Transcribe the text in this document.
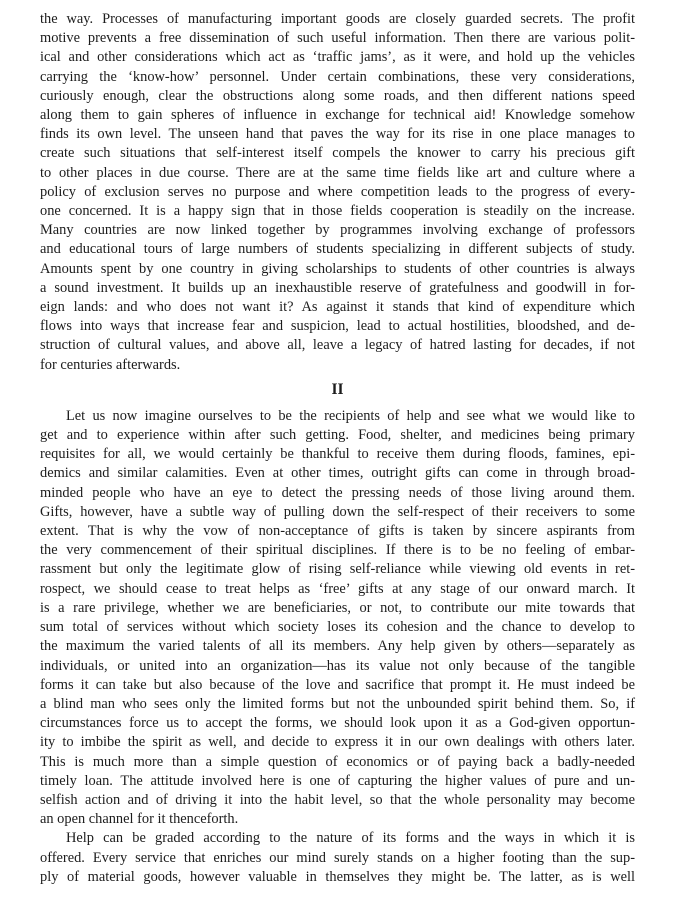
the way. Processes of manufacturing important goods are closely guarded secrets. The profit
motive prevents a free dissemination of such useful information. Then there are various polit-
ical and other considerations which act as ‘traffic jams’, as it were, and hold up the vehicles
carrying the ‘know-how’ personnel. Under certain combinations, these very considerations,
curiously enough, clear the obstructions along some roads, and then different nations speed
along them to gain spheres of influence in exchange for technical aid! Knowledge somehow
finds its own level. The unseen hand that paves the way for its rise in one place manages to
create such situations that self-interest itself compels the knower to carry his precious gift
to other places in due course. There are at the same time fields like art and culture where a
policy of exclusion serves no purpose and where competition leads to the progress of every-
one concerned. It is a happy sign that in those fields cooperation is steadily on the increase.
Many countries are now linked together by programmes involving exchange of professors
and educational tours of large numbers of students specializing in different subjects of study.
Amounts spent by one country in giving scholarships to students of other countries is always
a sound investment. It builds up an inexhaustible reserve of gratefulness and goodwill in for-
eign lands: and who does not want it? As against it stands that kind of expenditure which
flows into ways that increase fear and suspicion, lead to actual hostilities, bloodshed, and de-
struction of cultural values, and above all, leave a legacy of hatred lasting for decades, if not
for centuries afterwards.
II
Let us now imagine ourselves to be the recipients of help and see what we would like to
get and to experience within after such getting. Food, shelter, and medicines being primary
requisites for all, we would certainly be thankful to receive them during floods, famines, epi-
demics and similar calamities. Even at other times, outright gifts can come in through broad-
minded people who have an eye to detect the pressing needs of those living around them.
Gifts, however, have a subtle way of pulling down the self-respect of their receivers to some
extent. That is why the vow of non-acceptance of gifts is taken by sincere aspirants from
the very commencement of their spiritual disciplines. If there is to be no feeling of embar-
rassment but only the legitimate glow of rising self-reliance while viewing old events in ret-
rospect, we should cease to treat helps as ‘free’ gifts at any stage of our onward march. It
is a rare privilege, whether we are beneficiaries, or not, to contribute our mite towards that
sum total of services without which society loses its cohesion and the chance to develop to
the maximum the varied talents of all its members. Any help given by others—separately as
individuals, or united into an organization—has its value not only because of the tangible
forms it can take but also because of the love and sacrifice that prompt it. He must indeed be
a blind man who sees only the limited forms but not the unbounded spirit behind them. So, if
circumstances force us to accept the forms, we should look upon it as a God-given opportun-
ity to imbibe the spirit as well, and decide to express it in our own dealings with others later.
This is much more than a simple question of economics or of paying back a badly-needed
timely loan. The attitude involved here is one of capturing the higher values of pure and un-
selfish action and of driving it into the habit level, so that the whole personality may become
an open channel for it thenceforth.
Help can be graded according to the nature of its forms and the ways in which it is
offered. Every service that enriches our mind surely stands on a higher footing than the sup-
ply of material goods, however valuable in themselves they might be. The latter, as is well
